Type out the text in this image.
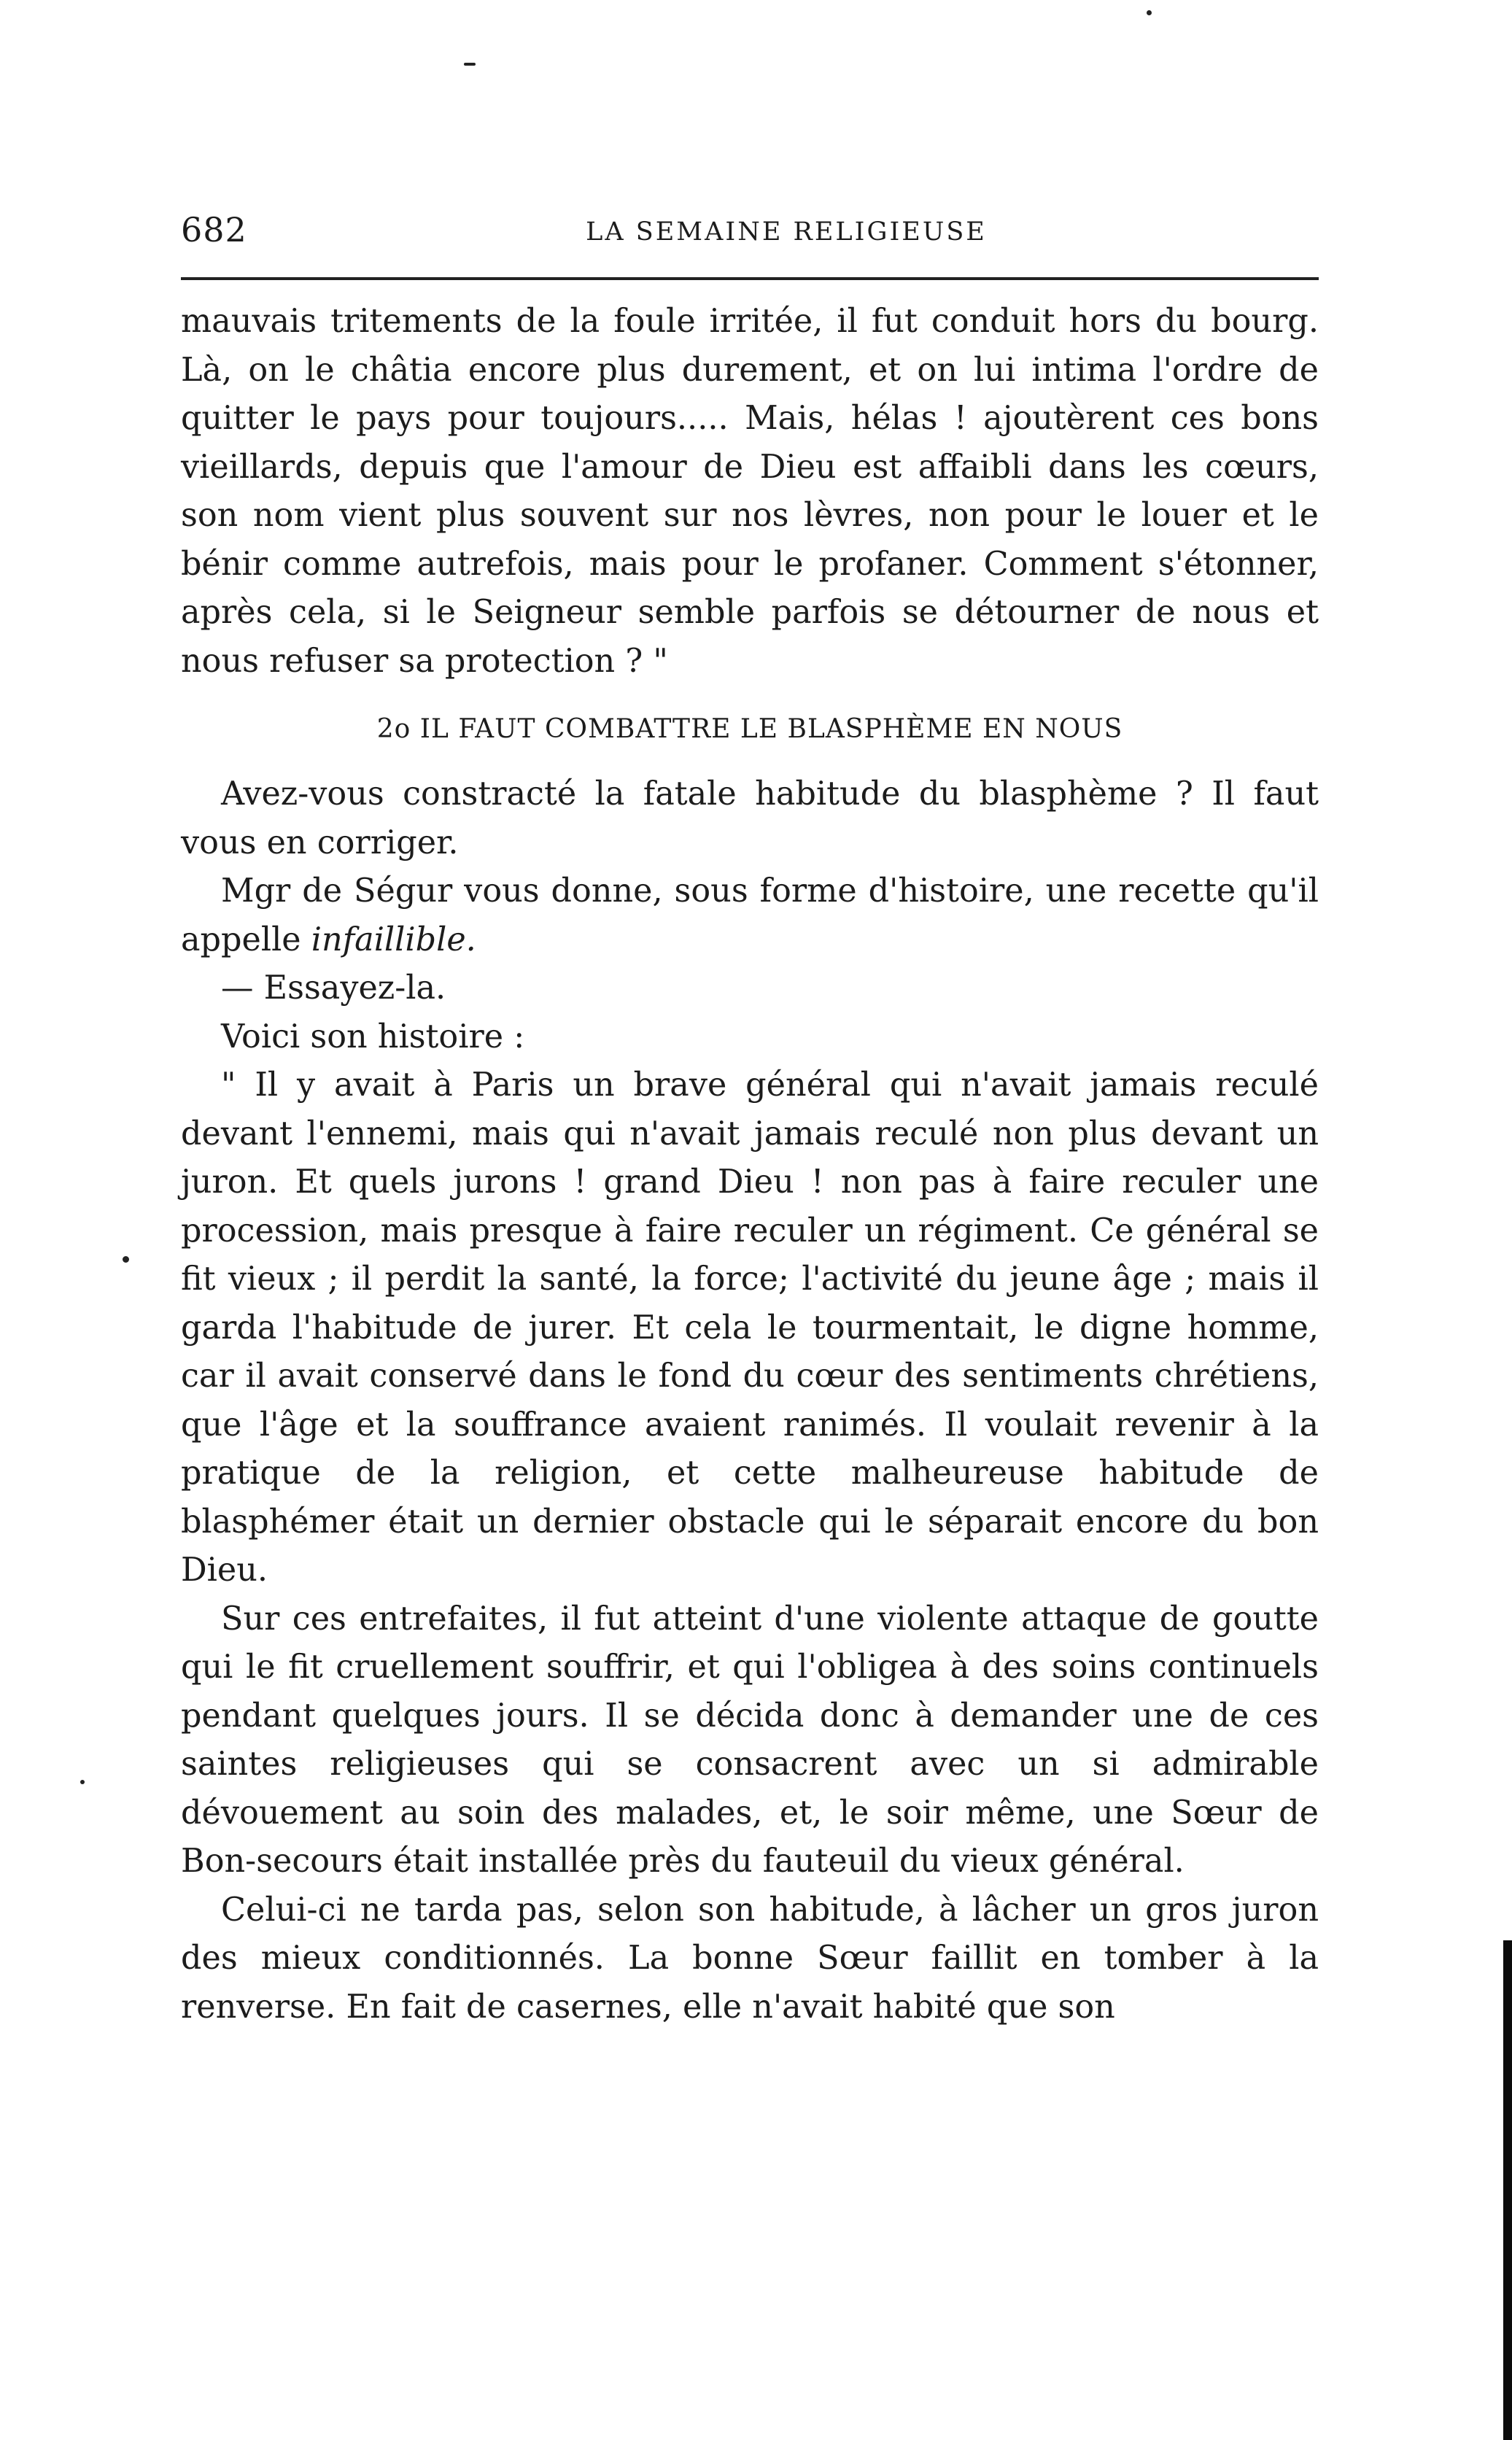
682	LA SEMAINE RELIGIEUSE

mauvais tritements de la foule irritée, il fut conduit hors du bourg. Là, on le châtia encore plus durement, et on lui intima l'ordre de quitter le pays pour toujours..... Mais, hélas ! ajoutèrent ces bons vieillards, depuis que l'amour de Dieu est affaibli dans les cœurs, son nom vient plus souvent sur nos lèvres, non pour le louer et le bénir comme autrefois, mais pour le profaner. Comment s'étonner, après cela, si le Seigneur semble parfois se détourner de nous et nous refuser sa protection ? "

2o IL FAUT COMBATTRE LE BLASPHÈME EN NOUS

Avez-vous constracté la fatale habitude du blasphème ? Il faut vous en corriger.

Mgr de Ségur vous donne, sous forme d'histoire, une recette qu'il appelle infaillible.

— Essayez-la.

Voici son histoire :

" Il y avait à Paris un brave général qui n'avait jamais reculé devant l'ennemi, mais qui n'avait jamais reculé non plus devant un juron. Et quels jurons ! grand Dieu ! non pas à faire reculer une procession, mais presque à faire reculer un régiment. Ce général se fit vieux ; il perdit la santé, la force; l'activité du jeune âge ; mais il garda l'habitude de jurer. Et cela le tourmentait, le digne homme, car il avait conservé dans le fond du cœur des sentiments chrétiens, que l'âge et la souffrance avaient ranimés. Il voulait revenir à la pratique de la religion, et cette malheureuse habitude de blasphémer était un dernier obstacle qui le séparait encore du bon Dieu.

Sur ces entrefaites, il fut atteint d'une violente attaque de goutte qui le fit cruellement souffrir, et qui l'obligea à des soins continuels pendant quelques jours. Il se décida donc à demander une de ces saintes religieuses qui se consacrent avec un si admirable dévouement au soin des malades, et, le soir même, une Sœur de Bon-secours était installée près du fauteuil du vieux général.

Celui-ci ne tarda pas, selon son habitude, à lâcher un gros juron des mieux conditionnés. La bonne Sœur faillit en tomber à la renverse. En fait de casernes, elle n'avait habité que son
